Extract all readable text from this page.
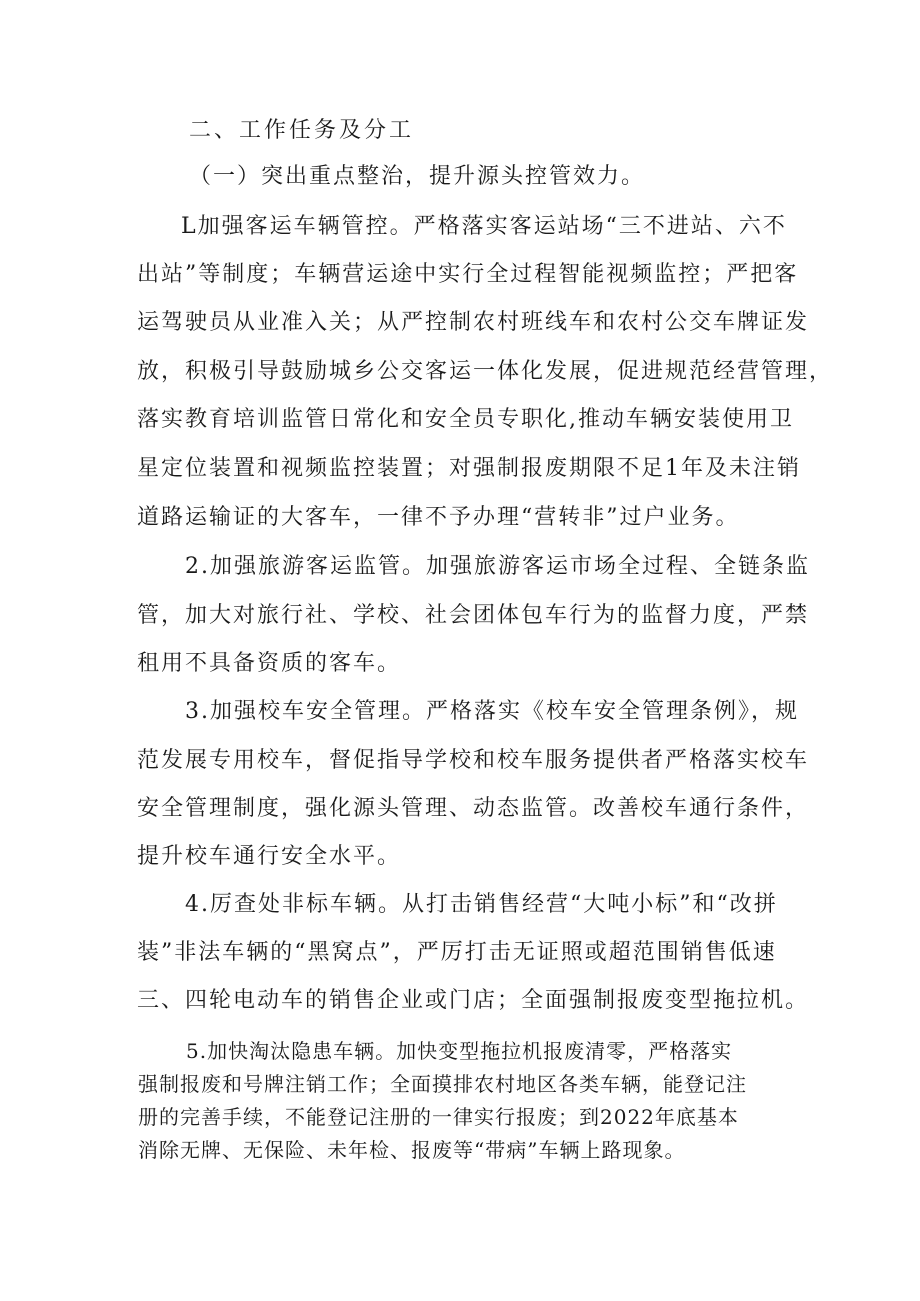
二、工作任务及分工
（一）突出重点整治，提升源头控管效力。
L加强客运车辆管控。严格落实客运站场“三不进站、六不
出站”等制度；车辆营运途中实行全过程智能视频监控；严把客
运驾驶员从业准入关；从严控制农村班线车和农村公交车牌证发
放，积极引导鼓励城乡公交客运一体化发展，促进规范经营管理，
落实教育培训监管日常化和安全员专职化,推动车辆安装使用卫
星定位装置和视频监控装置；对强制报废期限不足1年及未注销
道路运输证的大客车，一律不予办理“营转非”过户业务。
2.加强旅游客运监管。加强旅游客运市场全过程、全链条监
管，加大对旅行社、学校、社会团体包车行为的监督力度，严禁
租用不具备资质的客车。
3.加强校车安全管理。严格落实《校车安全管理条例》，规
范发展专用校车，督促指导学校和校车服务提供者严格落实校车
安全管理制度，强化源头管理、动态监管。改善校车通行条件，
提升校车通行安全水平。
4.厉查处非标车辆。从打击销售经营“大吨小标”和“改拼
装”非法车辆的“黑窝点”，严厉打击无证照或超范围销售低速
三、四轮电动车的销售企业或门店；全面强制报废变型拖拉机。
5.加快淘汰隐患车辆。加快变型拖拉机报废清零，严格落实
强制报废和号牌注销工作；全面摸排农村地区各类车辆，能登记注
册的完善手续，不能登记注册的一律实行报废；到2022年底基本
消除无牌、无保险、未年检、报废等“带病”车辆上路现象。
